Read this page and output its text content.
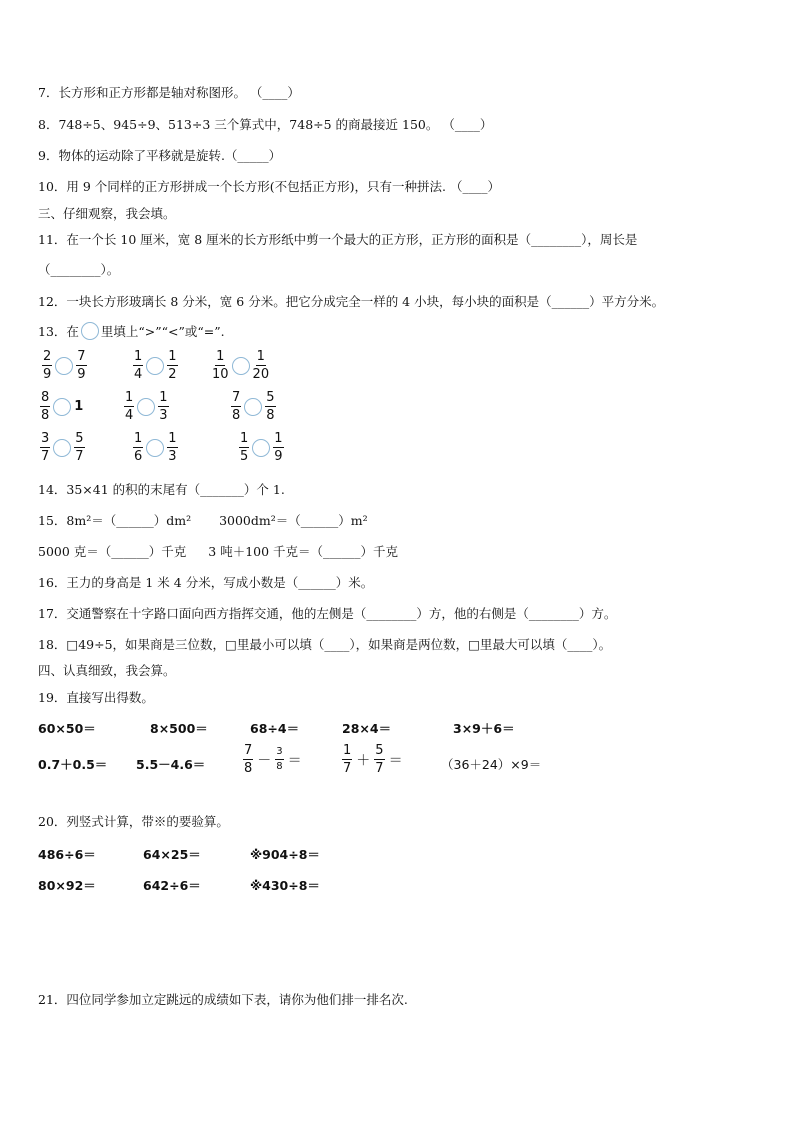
7．长方形和正方形都是轴对称图形。 （____）
8．748÷5、945÷9、513÷3 三个算式中，748÷5 的商最接近 150。 （____）
9．物体的运动除了平移就是旋转.（_____）
10．用 9 个同样的正方形拼成一个长方形(不包括正方形)，只有一种拼法. （____）
三、仔细观察，我会填。
11．在一个长 10 厘米，宽 8 厘米的长方形纸中剪一个最大的正方形，正方形的面积是（________），周长是
（________）。
12．一块长方形玻璃长 8 分米，宽 6 分米。把它分成完全一样的 4 小块，每小块的面积是（______）平方分米。
13．在 里填上“>”“<”或“=”.
$\frac{2}{9} \frac{7}{9}$	$\frac{1}{4} \frac{1}{2}$	$\frac{1}{10} \frac{1}{20}$
$\frac{8}{8} 1$	$\frac{1}{4} \frac{1}{3}$	$\frac{7}{8} \frac{5}{8}$
$\frac{3}{7} \frac{5}{7}$	$\frac{1}{6} \frac{1}{3}$	$\frac{1}{5} \frac{1}{9}$
14．35×41 的积的末尾有（_______）个 1.
15．8m²＝（______）dm² 3000dm²＝（______）m²
5000 克＝（______）千克 3 吨＋100 千克＝（______）千克
16．王力的身高是 1 米 4 分米，写成小数是（______）米。
17．交通警察在十字路口面向西方指挥交通，他的左侧是（________）方，他的右侧是（________）方。
18．□49÷5，如果商是三位数，□里最小可以填（____），如果商是两位数，□里最大可以填（____）。
四、认真细致，我会算。
19．直接写出得数。
60×50＝	8×500＝	68÷4＝	28×4＝	3×9＋6＝
0.7＋0.5＝ 5.5－4.6＝	$\frac{7}{8} - \frac{3}{8}$ ＝	$\frac{1}{7} + \frac{5}{7}$ ＝	（36＋24）×9＝
20．列竖式计算，带※的要验算。
486÷6＝	64×25＝	※904÷8＝
80×92＝	642÷6＝	※430÷8＝
21．四位同学参加立定跳远的成绩如下表，请你为他们排一排名次.
